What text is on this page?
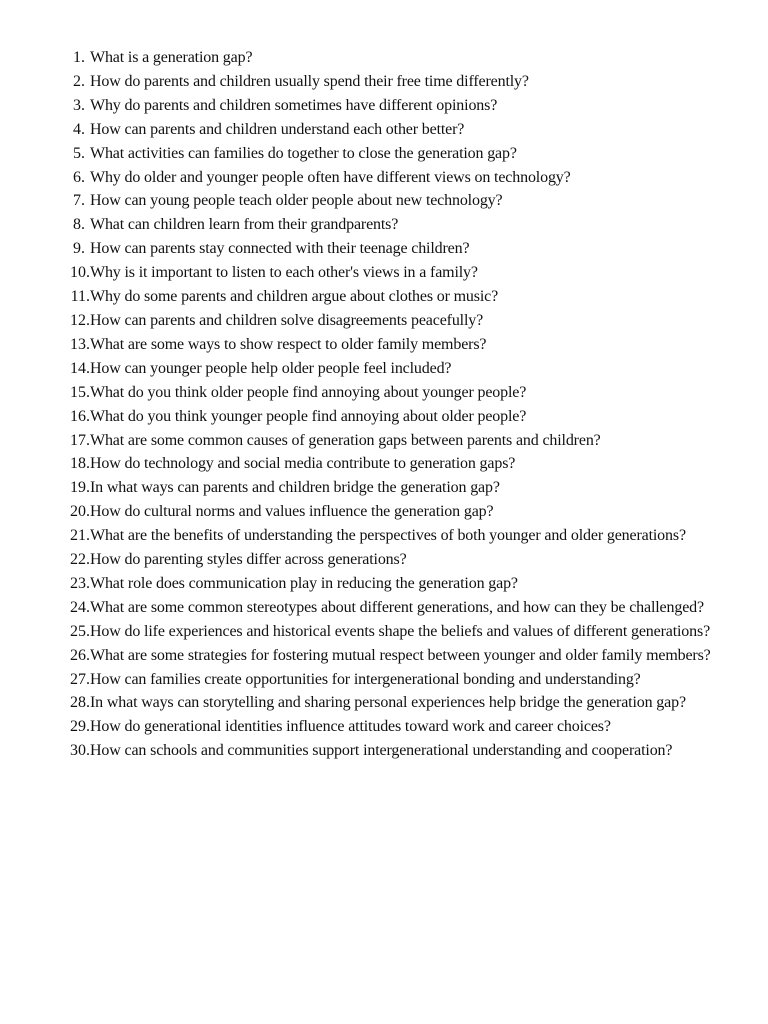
1. What is a generation gap?
2. How do parents and children usually spend their free time differently?
3. Why do parents and children sometimes have different opinions?
4. How can parents and children understand each other better?
5. What activities can families do together to close the generation gap?
6. Why do older and younger people often have different views on technology?
7. How can young people teach older people about new technology?
8. What can children learn from their grandparents?
9. How can parents stay connected with their teenage children?
10. Why is it important to listen to each other's views in a family?
11. Why do some parents and children argue about clothes or music?
12. How can parents and children solve disagreements peacefully?
13. What are some ways to show respect to older family members?
14. How can younger people help older people feel included?
15. What do you think older people find annoying about younger people?
16. What do you think younger people find annoying about older people?
17. What are some common causes of generation gaps between parents and children?
18. How do technology and social media contribute to generation gaps?
19. In what ways can parents and children bridge the generation gap?
20. How do cultural norms and values influence the generation gap?
21. What are the benefits of understanding the perspectives of both younger and older generations?
22. How do parenting styles differ across generations?
23. What role does communication play in reducing the generation gap?
24. What are some common stereotypes about different generations, and how can they be challenged?
25. How do life experiences and historical events shape the beliefs and values of different generations?
26. What are some strategies for fostering mutual respect between younger and older family members?
27. How can families create opportunities for intergenerational bonding and understanding?
28. In what ways can storytelling and sharing personal experiences help bridge the generation gap?
29. How do generational identities influence attitudes toward work and career choices?
30. How can schools and communities support intergenerational understanding and cooperation?
